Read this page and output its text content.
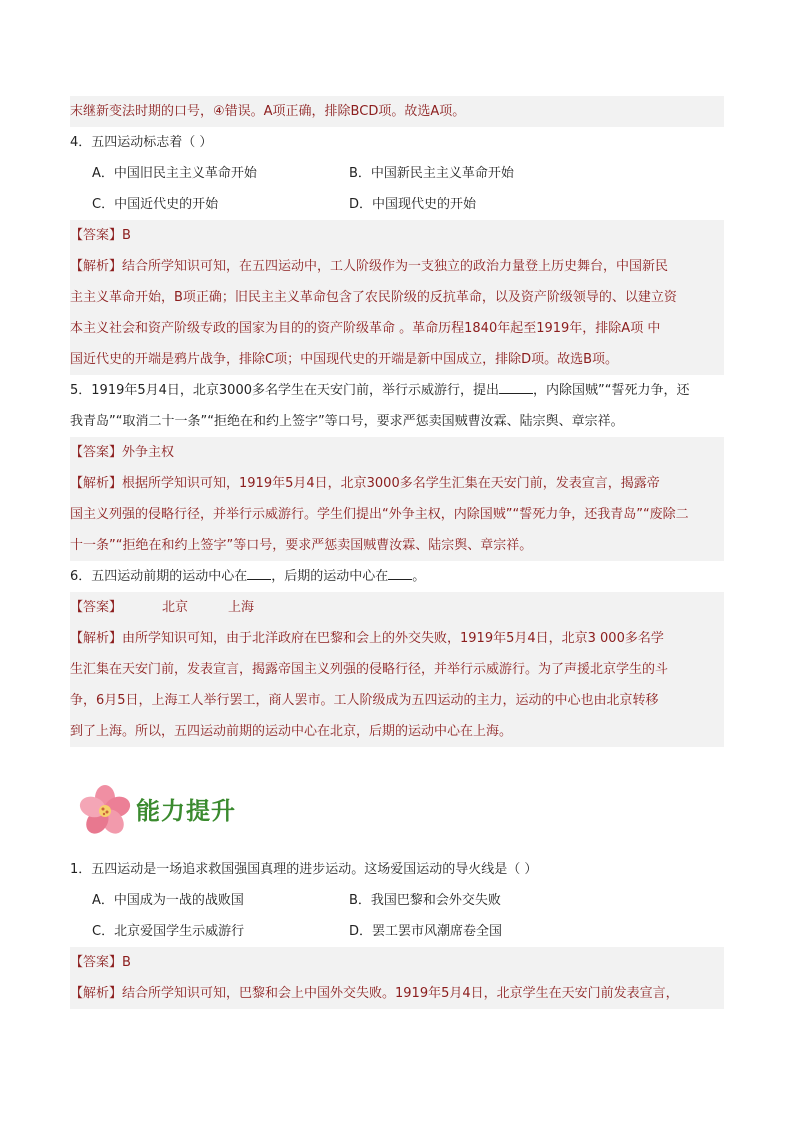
末继新变法时期的口号，④错误。A项正确，排除BCD项。故选A项。
4．五四运动标志着（ ）
A．中国旧民主主义革命开始	B．中国新民主主义革命开始
C．中国近代史的开始	D．中国现代史的开始
【答案】B
【解析】结合所学知识可知，在五四运动中，工人阶级作为一支独立的政治力量登上历史舞台，中国新民
主主义革命开始，B项正确；旧民主主义革命包含了农民阶级的反抗革命，以及资产阶级领导的、以建立资
本主义社会和资产阶级专政的国家为目的的资产阶级革命 。革命历程1840年起至1919年，排除A项 中
国近代史的开端是鸦片战争，排除C项；中国现代史的开端是新中国成立，排除D项。故选B项。
5．1919年5月4日，北京3000多名学生在天安门前，举行示威游行，提出	，内除国贼”“誓死力争，还
我青岛”“取消二十一条”“拒绝在和约上签字”等口号，要求严惩卖国贼曹汝霖、陆宗舆、章宗祥。
【答案】外争主权
【解析】根据所学知识可知，1919年5月4日，北京3000多名学生汇集在天安门前，发表宣言，揭露帝
国主义列强的侵略行径，并举行示威游行。学生们提出“外争主权，内除国贼”“誓死力争，还我青岛”“废除二
十一条”“拒绝在和约上签字”等口号，要求严惩卖国贼曹汝霖、陆宗舆、章宗祥。
6．五四运动前期的运动中心在 ，后期的运动中心在 。
【答案】	北京	上海
【解析】由所学知识可知，由于北洋政府在巴黎和会上的外交失败，1919年5月4日，北京3 000多名学
生汇集在天安门前，发表宣言，揭露帝国主义列强的侵略行径，并举行示威游行。为了声援北京学生的斗
争，6月5日，上海工人举行罢工，商人罢市。工人阶级成为五四运动的主力，运动的中心也由北京转移
到了上海。所以，五四运动前期的运动中心在北京，后期的运动中心在上海。
1．五四运动是一场追求救国强国真理的进步运动。这场爱国运动的导火线是（ ）
A．中国成为一战的战败国	B．我国巴黎和会外交失败
C．北京爱国学生示威游行	D．罢工罢市风潮席卷全国
【答案】B
【解析】结合所学知识可知，巴黎和会上中国外交失败。1919年5月4日，北京学生在天安门前发表宣言，
能力提升
